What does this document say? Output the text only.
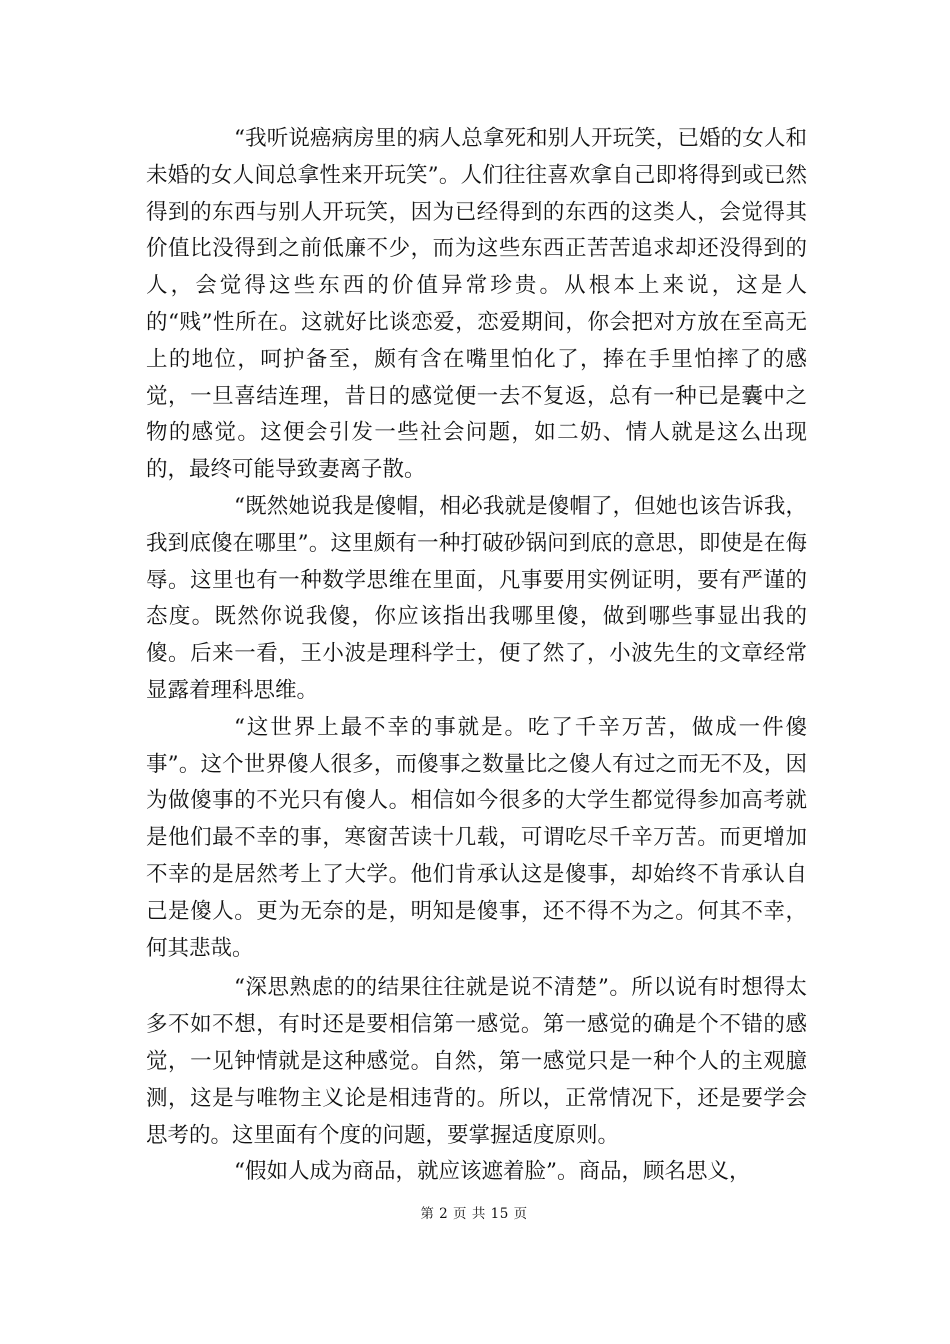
“我听说癌病房里的病人总拿死和别人开玩笑，已婚的女人和未婚的女人间总拿性来开玩笑”。人们往往喜欢拿自己即将得到或已然得到的东西与别人开玩笑，因为已经得到的东西的这类人，会觉得其价值比没得到之前低廉不少，而为这些东西正苦苦追求却还没得到的人，会觉得这些东西的价值异常珍贵。从根本上来说，这是人的“贱”性所在。这就好比谈恋爱，恋爱期间，你会把对方放在至高无上的地位，呵护备至，颇有含在嘴里怕化了，捧在手里怕摔了的感觉，一旦喜结连理，昔日的感觉便一去不复返，总有一种已是囊中之物的感觉。这便会引发一些社会问题，如二奶、情人就是这么出现的，最终可能导致妻离子散。

“既然她说我是傻帽，相必我就是傻帽了，但她也该告诉我，我到底傻在哪里”。这里颇有一种打破砂锅问到底的意思，即使是在侮辱。这里也有一种数学思维在里面，凡事要用实例证明，要有严谨的态度。既然你说我傻，你应该指出我哪里傻，做到哪些事显出我的傻。后来一看，王小波是理科学士，便了然了，小波先生的文章经常显露着理科思维。

“这世界上最不幸的事就是。吃了千辛万苦，做成一件傻事”。这个世界傻人很多，而傻事之数量比之傻人有过之而无不及，因为做傻事的不光只有傻人。相信如今很多的大学生都觉得参加高考就是他们最不幸的事，寒窗苦读十几载，可谓吃尽千辛万苦。而更增加不幸的是居然考上了大学。他们肯承认这是傻事，却始终不肯承认自己是傻人。更为无奈的是，明知是傻事，还不得不为之。何其不幸，何其悲哉。

“深思熟虑的的结果往往就是说不清楚”。所以说有时想得太多不如不想，有时还是要相信第一感觉。第一感觉的确是个不错的感觉，一见钟情就是这种感觉。自然，第一感觉只是一种个人的主观臆测，这是与唯物主义论是相违背的。所以，正常情况下，还是要学会思考的。这里面有个度的问题，要掌握适度原则。

“假如人成为商品，就应该遮着脸”。商品，顾名思义，

第 2 页 共 15 页
